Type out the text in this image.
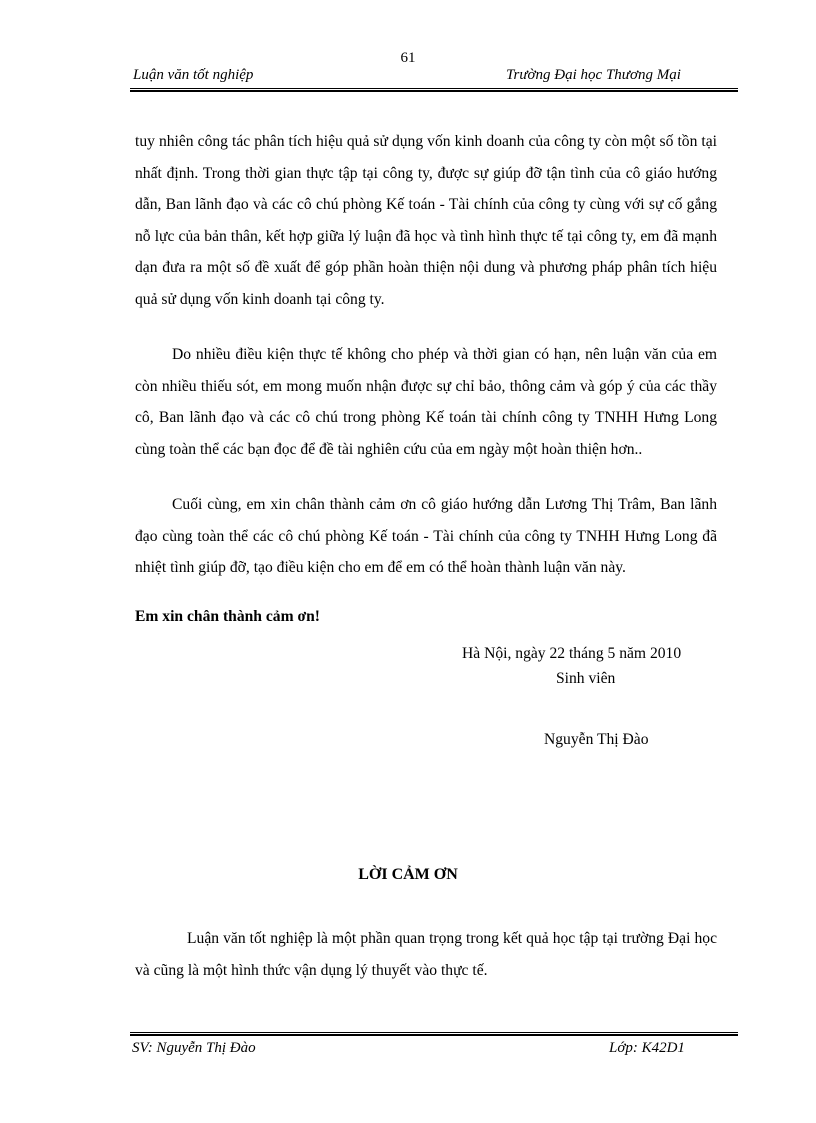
61
Luận văn tốt nghiệp	Trường Đại học Thương Mại
tuy nhiên công tác phân tích hiệu quả sử dụng vốn kinh doanh của công ty còn một số tồn tại nhất định. Trong thời gian thực tập tại công ty, được sự giúp đỡ tận tình của cô giáo hướng dẫn, Ban lãnh đạo và các cô chú phòng Kế toán - Tài chính của công ty cùng với sự cố gắng nỗ lực của bản thân, kết hợp giữa lý luận đã học và tình hình thực tế tại công ty, em đã mạnh dạn đưa ra một số đề xuất để góp phần hoàn thiện nội dung và phương pháp phân tích hiệu quả sử dụng vốn kinh doanh tại công ty.
Do nhiều điều kiện thực tế không cho phép và thời gian có hạn, nên luận văn của em còn nhiều thiếu sót, em mong muốn nhận được sự chỉ bảo, thông cảm và góp ý của các thầy cô, Ban lãnh đạo và các cô chú trong phòng Kế toán tài chính công ty TNHH Hưng Long cùng toàn thể các bạn đọc để đề tài nghiên cứu của em ngày một hoàn thiện hơn..
Cuối cùng, em xin chân thành cảm ơn cô giáo hướng dẫn Lương Thị Trâm, Ban lãnh đạo cùng toàn thể các cô chú phòng Kế toán - Tài chính của công ty TNHH Hưng Long đã nhiệt tình giúp đỡ, tạo điều kiện cho em để em có thể hoàn thành luận văn này.
Em xin chân thành cảm ơn!
Hà Nội, ngày 22 tháng 5 năm 2010
Sinh viên
Nguyễn Thị Đào
LỜI CẢM ƠN
Luận văn tốt nghiệp là một phần quan trọng trong kết quả học tập tại trường Đại học và cũng là một hình thức vận dụng lý thuyết vào thực tế.
SV: Nguyễn Thị Đào	Lớp: K42D1
